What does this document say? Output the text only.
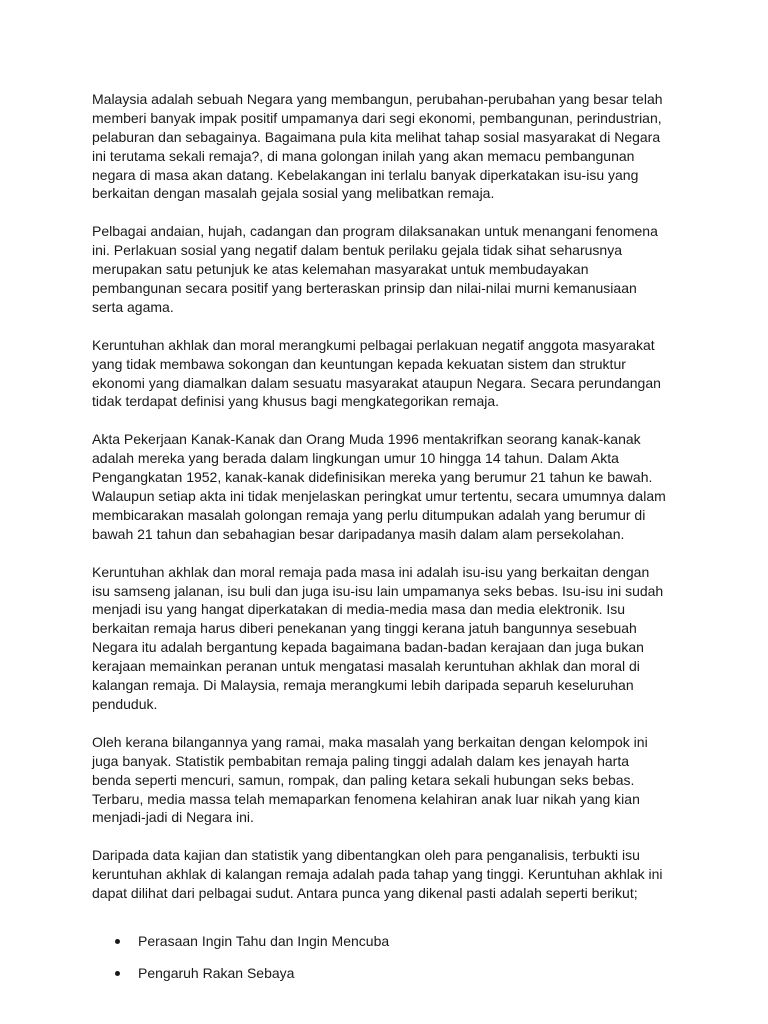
Malaysia adalah sebuah Negara yang membangun, perubahan-perubahan yang besar telah
memberi banyak impak positif umpamanya dari segi ekonomi, pembangunan, perindustrian,
pelaburan dan sebagainya. Bagaimana pula kita melihat tahap sosial masyarakat di Negara
ini terutama sekali remaja?, di mana golongan inilah yang akan memacu pembangunan
negara di masa akan datang. Kebelakangan ini terlalu banyak diperkatakan isu-isu yang
berkaitan dengan masalah gejala sosial yang melibatkan remaja.

Pelbagai andaian, hujah, cadangan dan program dilaksanakan untuk menangani fenomena
ini. Perlakuan sosial yang negatif dalam bentuk perilaku gejala tidak sihat seharusnya
merupakan satu petunjuk ke atas kelemahan masyarakat untuk membudayakan
pembangunan secara positif yang berteraskan prinsip dan nilai-nilai murni kemanusiaan
serta agama.

Keruntuhan akhlak dan moral merangkumi pelbagai perlakuan negatif anggota masyarakat
yang tidak membawa sokongan dan keuntungan kepada kekuatan sistem dan struktur
ekonomi yang diamalkan dalam sesuatu masyarakat ataupun Negara. Secara perundangan
tidak terdapat definisi yang khusus bagi mengkategorikan remaja.

Akta Pekerjaan Kanak-Kanak dan Orang Muda 1996 mentakrifkan seorang kanak-kanak
adalah mereka yang berada dalam lingkungan umur 10 hingga 14 tahun. Dalam Akta
Pengangkatan 1952, kanak-kanak didefinisikan mereka yang berumur 21 tahun ke bawah.
Walaupun setiap akta ini tidak menjelaskan peringkat umur tertentu, secara umumnya dalam
membicarakan masalah golongan remaja yang perlu ditumpukan adalah yang berumur di
bawah 21 tahun dan sebahagian besar daripadanya masih dalam alam persekolahan.

Keruntuhan akhlak dan moral remaja pada masa ini adalah isu-isu yang berkaitan dengan
isu samseng jalanan, isu buli dan juga isu-isu lain umpamanya seks bebas. Isu-isu ini sudah
menjadi isu yang hangat diperkatakan di media-media masa dan media elektronik. Isu
berkaitan remaja harus diberi penekanan yang tinggi kerana jatuh bangunnya sesebuah
Negara itu adalah bergantung kepada bagaimana badan-badan kerajaan dan juga bukan
kerajaan memainkan peranan untuk mengatasi masalah keruntuhan akhlak dan moral di
kalangan remaja. Di Malaysia, remaja merangkumi lebih daripada separuh keseluruhan
penduduk.

Oleh kerana bilangannya yang ramai, maka masalah yang berkaitan dengan kelompok ini
juga banyak. Statistik pembabitan remaja paling tinggi adalah dalam kes jenayah harta
benda seperti mencuri, samun, rompak, dan paling ketara sekali hubungan seks bebas.
Terbaru, media massa telah memaparkan fenomena kelahiran anak luar nikah yang kian
menjadi-jadi di Negara ini.

Daripada data kajian dan statistik yang dibentangkan oleh para penganalisis, terbukti isu
keruntuhan akhlak di kalangan remaja adalah pada tahap yang tinggi. Keruntuhan akhlak ini
dapat dilihat dari pelbagai sudut. Antara punca yang dikenal pasti adalah seperti berikut;

Perasaan Ingin Tahu dan Ingin Mencuba
Pengaruh Rakan Sebaya
